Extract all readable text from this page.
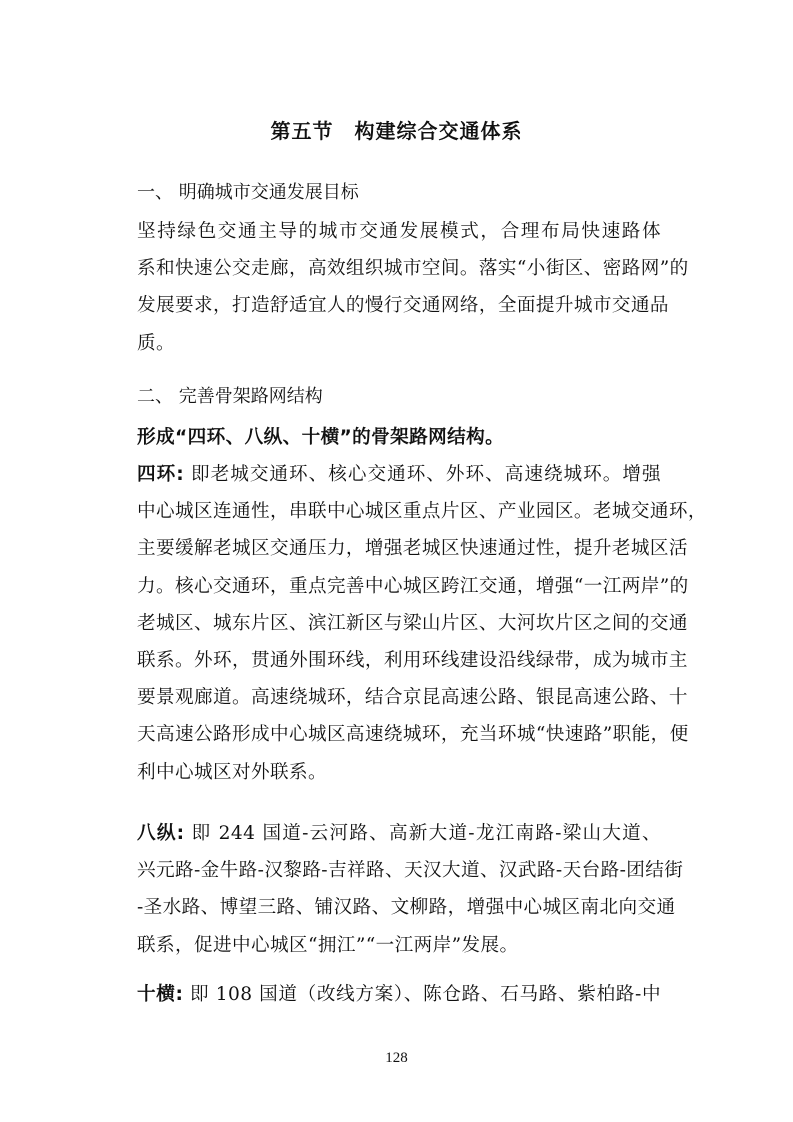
第五节　构建综合交通体系
一、 明确城市交通发展目标
坚持绿色交通主导的城市交通发展模式，合理布局快速路体
系和快速公交走廊，高效组织城市空间。落实“小街区、密路网”的
发展要求，打造舒适宜人的慢行交通网络，全面提升城市交通品
质。
二、 完善骨架路网结构
形成“四环、八纵、十横”的骨架路网结构。
四环: 即老城交通环、核心交通环、外环、高速绕城环。增强
中心城区连通性，串联中心城区重点片区、产业园区。老城交通环，
主要缓解老城区交通压力，增强老城区快速通过性，提升老城区活
力。核心交通环，重点完善中心城区跨江交通，增强“一江两岸”的
老城区、城东片区、滨江新区与梁山片区、大河坎片区之间的交通
联系。外环，贯通外围环线，利用环线建设沿线绿带，成为城市主
要景观廊道。高速绕城环，结合京昆高速公路、银昆高速公路、十
天高速公路形成中心城区高速绕城环，充当环城“快速路”职能，便
利中心城区对外联系。
八纵: 即 244 国道-云河路、高新大道-龙江南路-梁山大道、
兴元路-金牛路-汉黎路-吉祥路、天汉大道、汉武路-天台路-团结街
-圣水路、博望三路、铺汉路、文柳路，增强中心城区南北向交通
联系，促进中心城区“拥江”“一江两岸”发展。
十横: 即 108 国道（改线方案）、陈仓路、石马路、紫柏路-中
128
